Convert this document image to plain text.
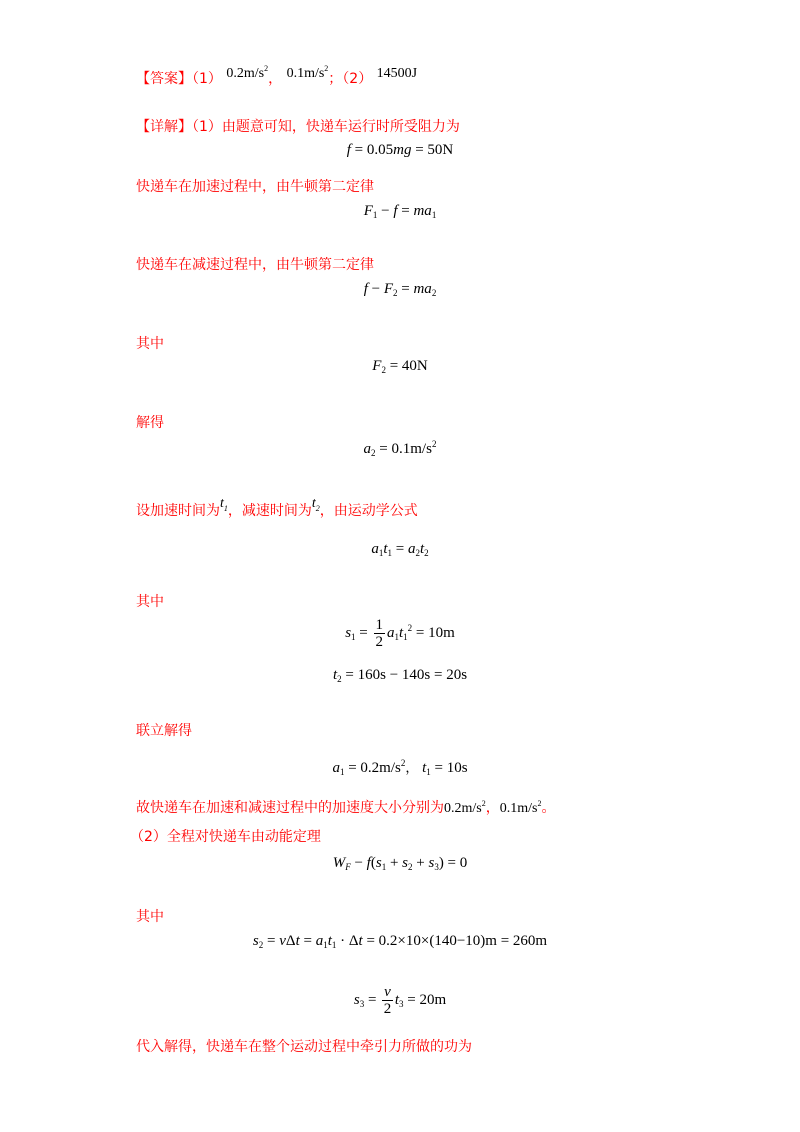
【答案】（1） $0.2m/s^2$， $0.1m/s^2$；（2） 14500J
【详解】（1）由题意可知，快递车运行时所受阻力为
f = 0.05mg = 50N
快递车在加速过程中，由牛顿第二定律
$F_1 - f = ma_1$
快递车在减速过程中，由牛顿第二定律
$f - F_2 = ma_2$
其中
$F_2 = 40N$
解得
$a_2 = 0.1m/s^2$
设加速时间为$t_1$，减速时间为$t_2$，由运动学公式
$a_1t_1 = a_2t_2$
其中
$s_1 = \frac{1}{2} a_1t_1^2 = 10m$
$t_2 = 160s - 140s = 20s$
联立解得
$a_1 = 0.2m/s^2$， $t_1 = 10s$
故快递车在加速和减速过程中的加速度大小分别为$0.2m/s^2$，$0.1m/s^2$。
（2）全程对快递车由动能定理
$W_F - f(s_1 + s_2 + s_3) = 0$
其中
$s_2 = v\Delta t = a_1t_1 \cdot \Delta t = 0.2\times 10\times(140-10)m = 260m$
$s_3 = \frac{v}{2} t_3 = 20m$
代入解得，快递车在整个运动过程中牵引力所做的功为
